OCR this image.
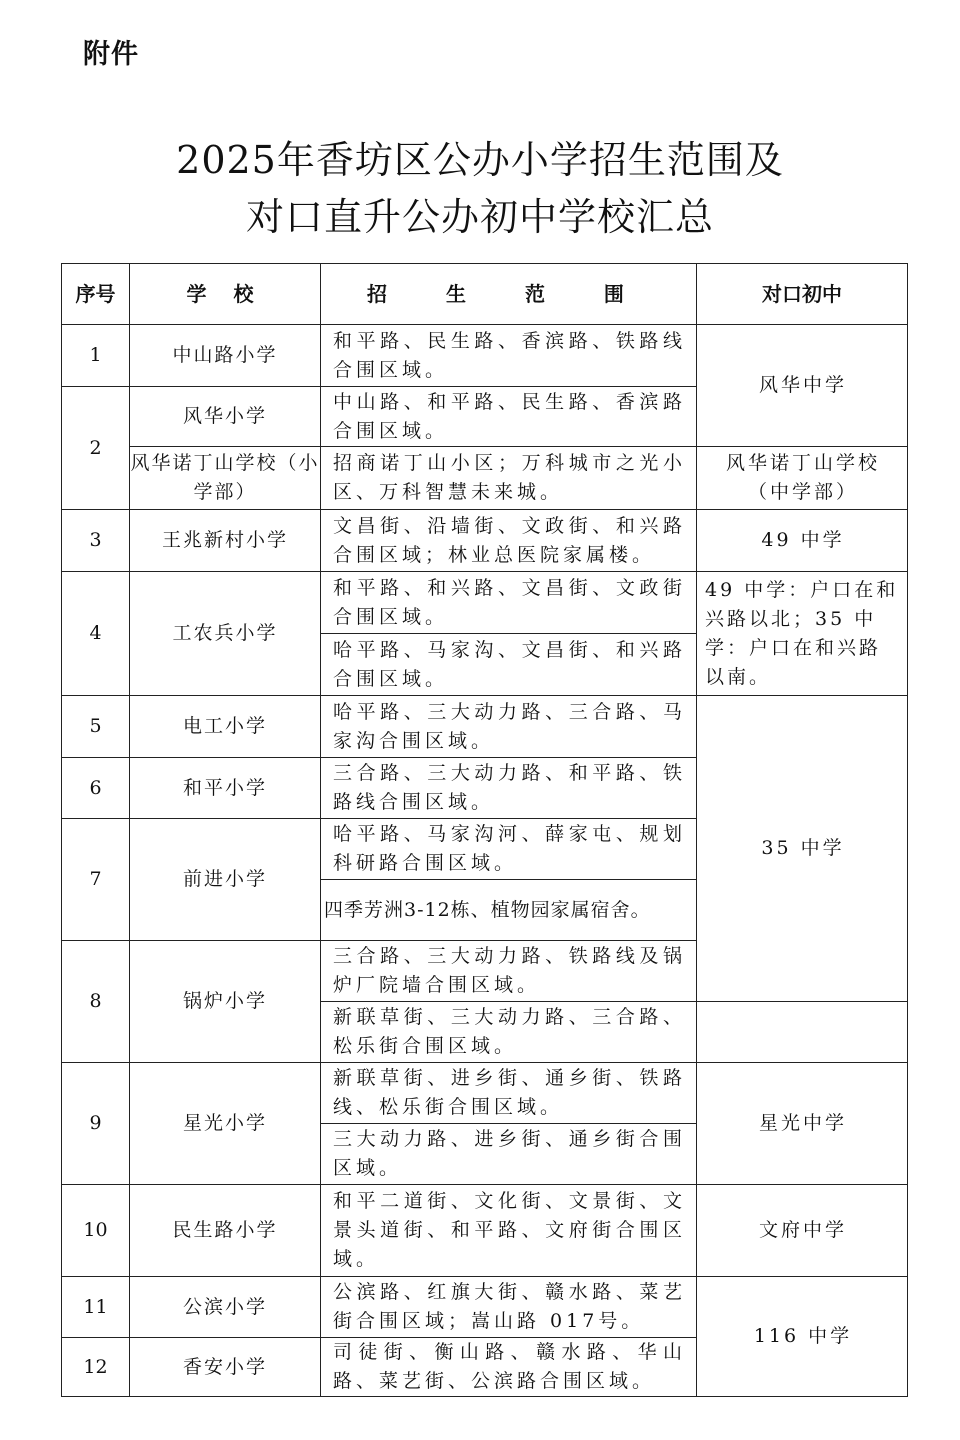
附件
2025年香坊区公办小学招生范围及
对口直升公办初中学校汇总
序号	学 校	招 生 范 围	对口初中	
1	中山路小学	和平路、民生路、香滨路、铁路线合围区域。	风华中学	
2	风华小学	中山路、和平路、民生路、香滨路合围区域。		
	风华诺丁山学校（小学部）	招商诺丁山小区；万科城市之光小区、万科智慧未来城。	风华诺丁山学校（中学部）	
3	王兆新村小学	文昌街、沿墙街、文政街、和兴路合围区域；林业总医院家属楼。	49 中学	
4	工农兵小学	和平路、和兴路、文昌街、文政街合围区域。	49 中学：户口在和兴路以北；35 中学：户口在和兴路以南。	
		哈平路、马家沟、文昌街、和兴路合围区域。		
5	电工小学	哈平路、三大动力路、三合路、马家沟合围区域。	35 中学	
6	和平小学	三合路、三大动力路、和平路、铁路线合围区域。		
7	前进小学	哈平路、马家沟河、薛家屯、规划科研路合围区域。		
		四季芳洲3-12栋、植物园家属宿舍。		
8	锅炉小学	三合路、三大动力路、铁路线及锅炉厂院墙合围区域。	
		新联草街、三大动力路、三合路、松乐街合围区域。		
9	星光小学	新联草街、进乡街、通乡街、铁路线、松乐街合围区域。	星光中学	
		三大动力路、进乡街、通乡街合围区域。		
10	民生路小学	和平二道街、文化街、文景街、文景头道街、和平路、文府街合围区域。	文府中学	
11	公滨小学	公滨路、红旗大街、赣水路、菜艺街合围区域；嵩山路 017号。	116 中学	
12	香安小学	司徒街、衡山路、赣水路、华山路、菜艺街、公滨路合围区域。		
